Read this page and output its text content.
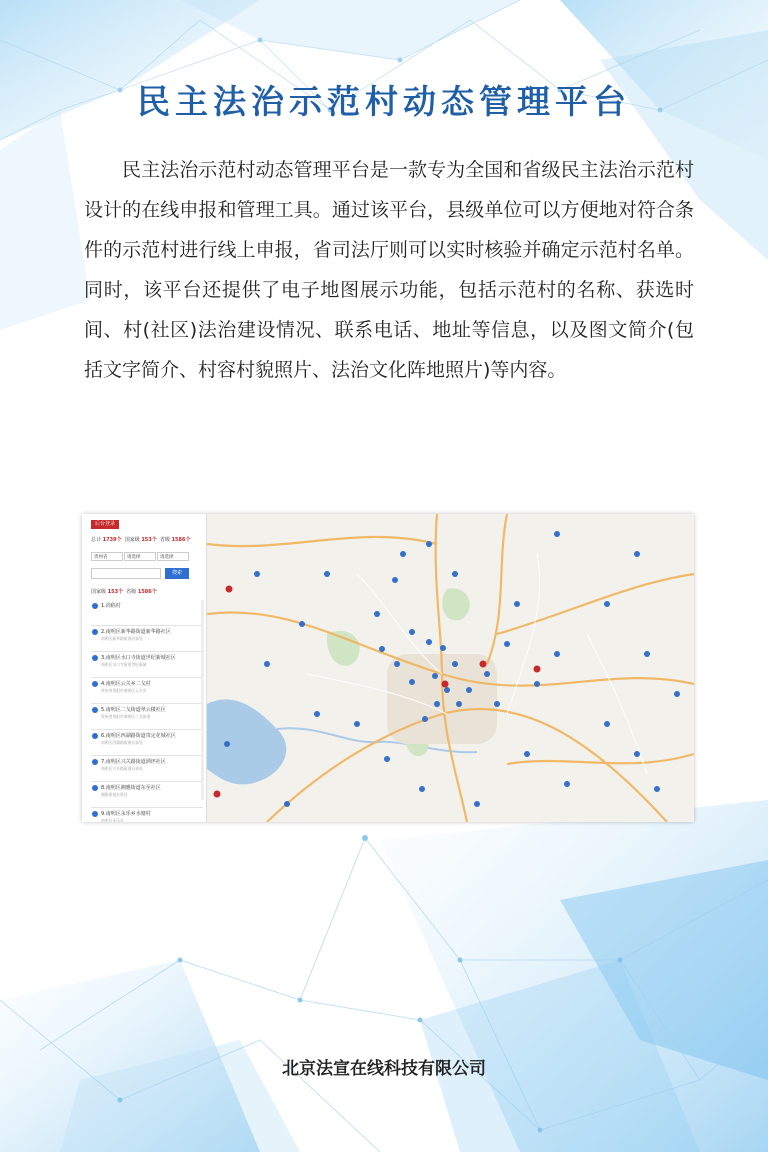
民主法治示范村动态管理平台
民主法治示范村动态管理平台是一款专为全国和省级民主法治示范村设计的在线申报和管理工具。通过该平台，县级单位可以方便地对符合条件的示范村进行线上申报，省司法厅则可以实时核验并确定示范村名单。同时，该平台还提供了电子地图展示功能，包括示范村的名称、获选时间、村(社区)法治建设情况、联系电话、地址等信息，以及图文简介(包括文字简介、村容村貌照片、法治文化阵地照片)等内容。
后台登录
总计 1739个 国家级 153个 省级 1586个
贵州省	请选择	请选择
搜索
国家级 153个 省级 1586个
1.尚嵇村
2.南明区新华路街道新华路社区
南明区新华路街道办事处
3.南明区水口寺街道世纪新城社区
南明区水口寺街道世纪新城
4.南明区云关乡二戈村
贵州省贵阳市南明区云关乡
5.南明区二戈街道翠云楼社区
贵州省贵阳市南明区二戈街道
6.南明区西湖路街道贵定花城社区
南明区西湖路街道办事处
7.南明区兴关路街道洒坪社区
南明区兴关路街道办事处
8.南明区湘雅街道东至社区
湘雅街道办事处
9.南明区永乐乡水塘村
南明区永乐乡
北京法宣在线科技有限公司
